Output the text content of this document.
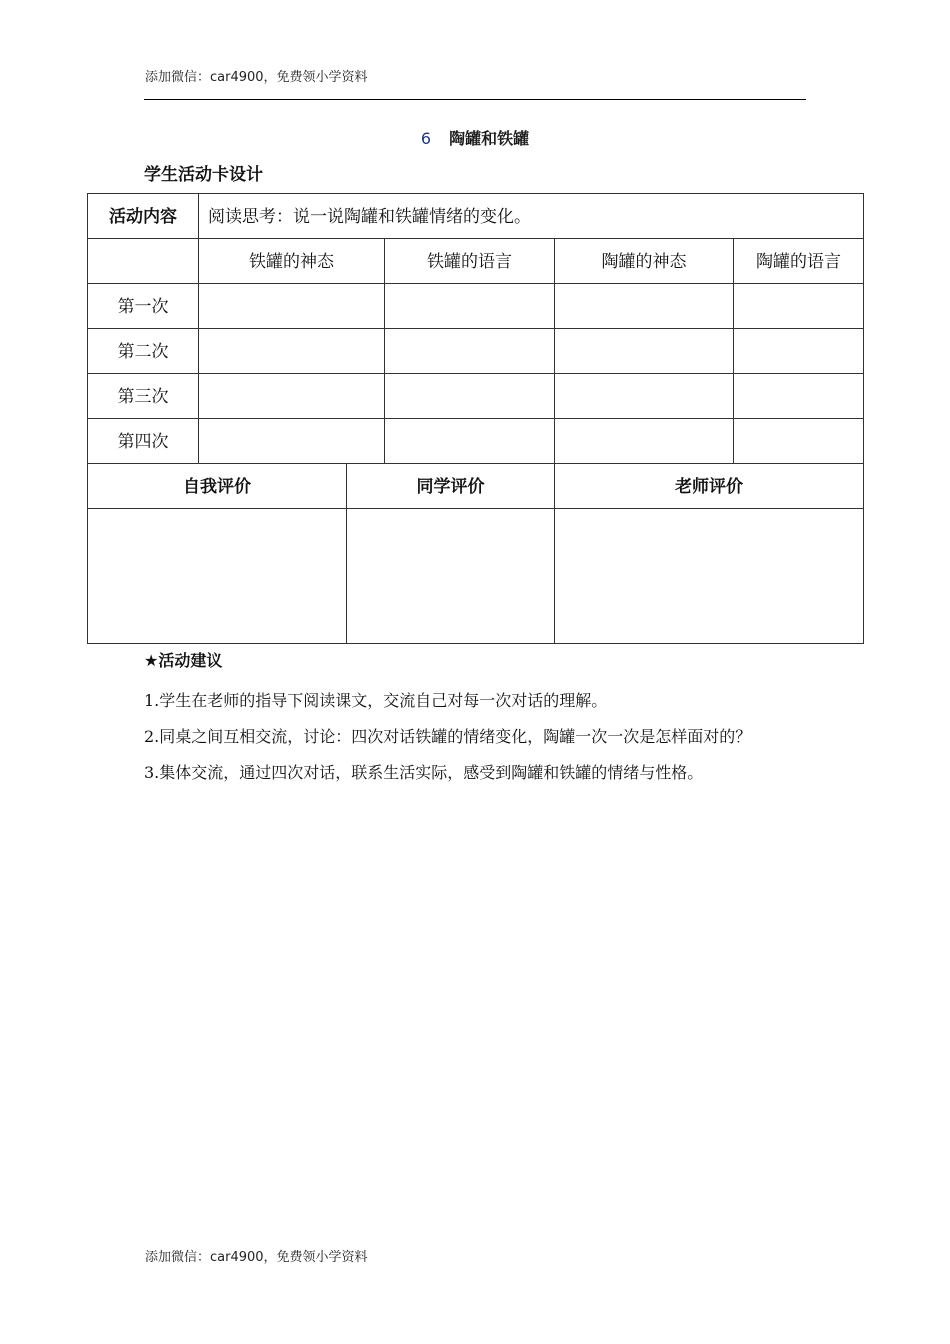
添加微信：car4900，免费领小学资料
6 陶罐和铁罐
学生活动卡设计
活动内容	阅读思考：说一说陶罐和铁罐情绪的变化。				
	铁罐的神态		铁罐的语言	陶罐的神态	陶罐的语言
第一次					
第二次					
第三次					
第四次					
自我评价		同学评价		老师评价	

★活动建议
1.学生在老师的指导下阅读课文，交流自己对每一次对话的理解。
2.同桌之间互相交流，讨论：四次对话铁罐的情绪变化，陶罐一次一次是怎样面对的？
3.集体交流，通过四次对话，联系生活实际，感受到陶罐和铁罐的情绪与性格。
添加微信：car4900，免费领小学资料
